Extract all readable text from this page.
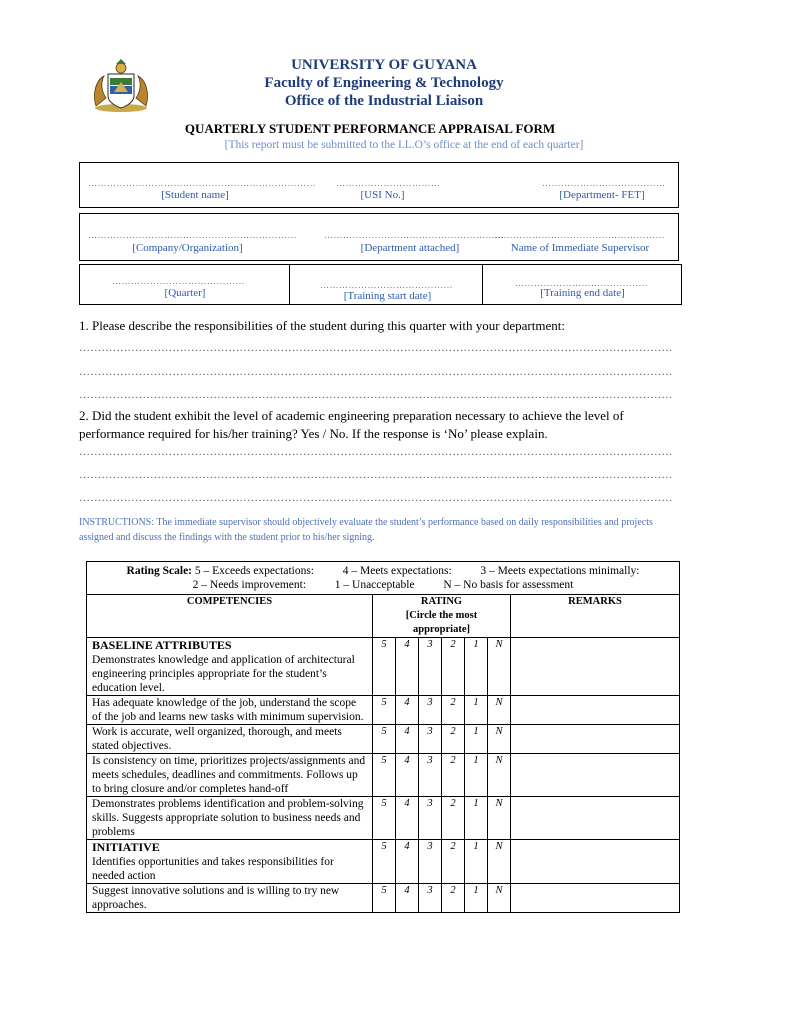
UNIVERSITY OF GUYANA
Faculty of Engineering & Technology
Office of the Industrial Liaison
QUARTERLY STUDENT PERFORMANCE APPRAISAL FORM
[This report must be submitted to the I.L.O’s office at the end of each quarter]
………………………………………………………………
[Student name]
……………………………
[USI No.]
…………………………………
[Department- FET]
…………………………………………………………
[Company/Organization]
…………………………………………………
[Department attached]
………………………………………………
Name of Immediate Supervisor
……………………………………
[Quarter]
……………………………………
[Training start date]
……………………………………
[Training end date]
1. Please describe the responsibilities of the student during this quarter with your department:
……………………………………………………………………………………………………………………………………………
……………………………………………………………………………………………………………………………………………
……………………………………………………………………………………………………………………………………………
2. Did the student exhibit the level of academic engineering preparation necessary to achieve the level of
performance required for his/her training? Yes / No. If the response is ‘No’ please explain.
……………………………………………………………………………………………………………………………………………
……………………………………………………………………………………………………………………………………………
……………………………………………………………………………………………………………………………………………
INSTRUCTIONS: The immediate supervisor should objectively evaluate the student’s performance based on daily responsibilities and projects assigned and discuss the findings with the student prior to his/her signing.
Rating Scale: 5 – Exceeds expectations:          4 – Meets expectations:          3 – Meets expectations minimally:
2 – Needs improvement:          1 – Unacceptable          N – No basis for assessment							

COMPETENCIES	RATING
[Circle the most
appropriate]						REMARKS
BASELINE ATTRIBUTES
Demonstrates knowledge and application of architectural engineering principles appropriate for the student’s education level.	5	4	3	2	1	N	
Has adequate knowledge of the job, understand the scope of the job and learns new tasks with minimum supervision.	5	4	3	2	1	N	
Work is accurate, well organized, thorough, and meets stated objectives.	5	4	3	2	1	N	
Is consistency on time, prioritizes projects/assignments and meets schedules, deadlines and commitments. Follows up to bring closure and/or completes hand-off	5	4	3	2	1	N	
Demonstrates problems identification and problem-solving skills. Suggests appropriate solution to business needs and problems	5	4	3	2	1	N	
INITIATIVE
Identifies opportunities and takes responsibilities for needed action	5	4	3	2	1	N	
Suggest innovative solutions and is willing to try new approaches.	5	4	3	2	1	N	
